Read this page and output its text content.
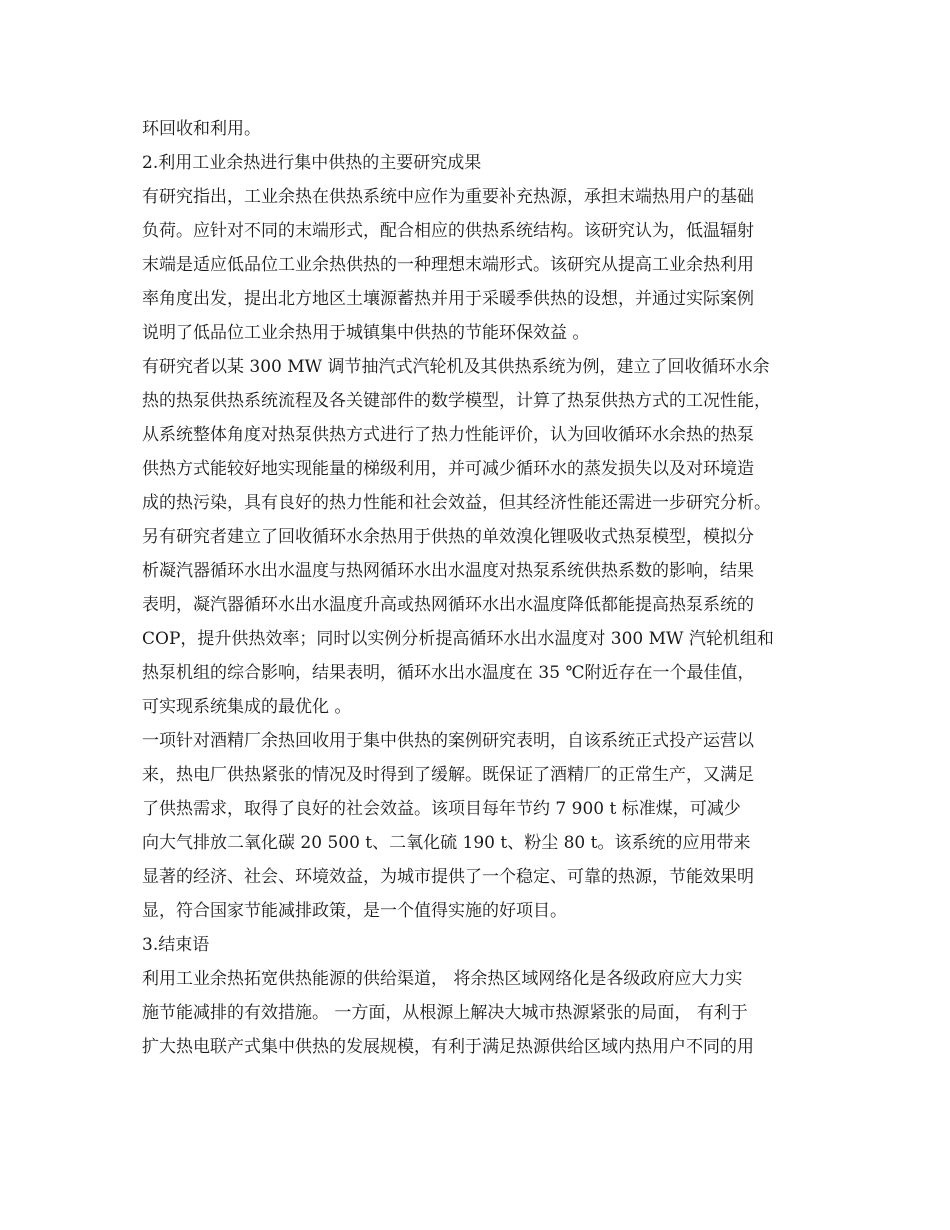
环回收和利用。
2.利用工业余热进行集中供热的主要研究成果
有研究指出，工业余热在供热系统中应作为重要补充热源，承担末端热用户的基础
负荷。应针对不同的末端形式，配合相应的供热系统结构。该研究认为，低温辐射
末端是适应低品位工业余热供热的一种理想末端形式。该研究从提高工业余热利用
率角度出发，提出北方地区土壤源蓄热并用于采暖季供热的设想，并通过实际案例
说明了低品位工业余热用于城镇集中供热的节能环保效益 。
有研究者以某 300 MW 调节抽汽式汽轮机及其供热系统为例，建立了回收循环水余
热的热泵供热系统流程及各关键部件的数学模型，计算了热泵供热方式的工况性能，
从系统整体角度对热泵供热方式进行了热力性能评价，认为回收循环水余热的热泵
供热方式能较好地实现能量的梯级利用，并可减少循环水的蒸发损失以及对环境造
成的热污染，具有良好的热力性能和社会效益，但其经济性能还需进一步研究分析。
另有研究者建立了回收循环水余热用于供热的单效溴化锂吸收式热泵模型，模拟分
析凝汽器循环水出水温度与热网循环水出水温度对热泵系统供热系数的影响，结果
表明，凝汽器循环水出水温度升高或热网循环水出水温度降低都能提高热泵系统的
COP，提升供热效率；同时以实例分析提高循环水出水温度对 300 MW 汽轮机组和
热泵机组的综合影响，结果表明，循环水出水温度在 35 ℃附近存在一个最佳值，
可实现系统集成的最优化 。
一项针对酒精厂余热回收用于集中供热的案例研究表明，自该系统正式投产运营以
来，热电厂供热紧张的情况及时得到了缓解。既保证了酒精厂的正常生产，又满足
了供热需求，取得了良好的社会效益。该项目每年节约 7 900 t 标准煤，可减少
向大气排放二氧化碳 20 500 t、二氧化硫 190 t、粉尘 80 t。该系统的应用带来
显著的经济、社会、环境效益，为城市提供了一个稳定、可靠的热源，节能效果明
显，符合国家节能减排政策，是一个值得实施的好项目。
3.结束语
利用工业余热拓宽供热能源的供给渠道， 将余热区域网络化是各级政府应大力实
施节能减排的有效措施。 一方面，从根源上解决大城市热源紧张的局面， 有利于
扩大热电联产式集中供热的发展规模，有利于满足热源供给区域内热用户不同的用
